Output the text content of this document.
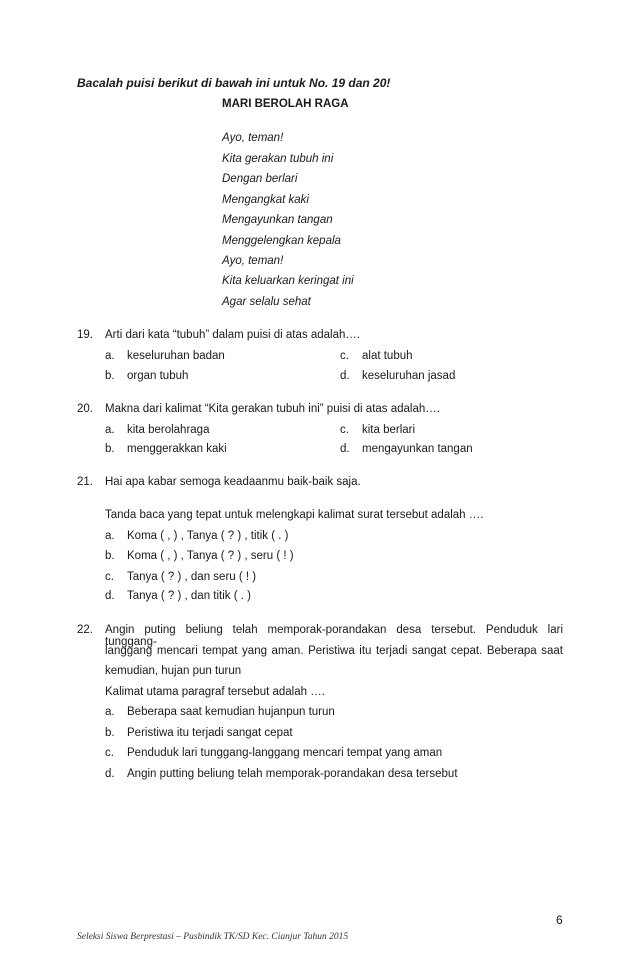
Bacalah puisi berikut di bawah ini untuk No. 19 dan 20!
MARI BEROLAH RAGA
Ayo, teman!
Kita gerakan tubuh ini
Dengan berlari
Mengangkat kaki
Mengayunkan tangan
Menggelengkan kepala
Ayo, teman!
Kita keluarkan keringat ini
Agar selalu sehat
19. Arti dari kata “tubuh” dalam puisi di atas adalah….
a. keseluruhan badan	c. alat tubuh
b. organ tubuh	d. keseluruhan jasad
20. Makna dari kalimat “Kita gerakan tubuh ini” puisi di atas adalah….
a. kita berolahraga	c. kita berlari
b. menggerakkan kaki	d. mengayunkan tangan
21. Hai apa kabar semoga keadaanmu baik-baik saja.
Tanda baca yang tepat untuk melengkapi kalimat surat tersebut adalah ….
a. Koma ( , ) , Tanya ( ? ) , titik ( . )
b. Koma ( , ) , Tanya ( ? ) , seru ( ! )
c. Tanya ( ? ) , dan seru ( ! )
d. Tanya ( ? ) , dan titik ( . )
22. Angin puting beliung telah memporak-porandakan desa tersebut. Penduduk lari tunggang-
langgang mencari tempat yang aman. Peristiwa itu terjadi sangat cepat. Beberapa saat
kemudian, hujan pun turun
Kalimat utama paragraf tersebut adalah ….
a. Beberapa saat kemudian hujanpun turun
b. Peristiwa itu terjadi sangat cepat
c. Penduduk lari tunggang-langgang mencari tempat yang aman
d. Angin putting beliung telah memporak-porandakan desa tersebut
6
Seleksi Siswa Berprestasi – Pusbindik TK/SD Kec. Cianjur Tahun 2015
